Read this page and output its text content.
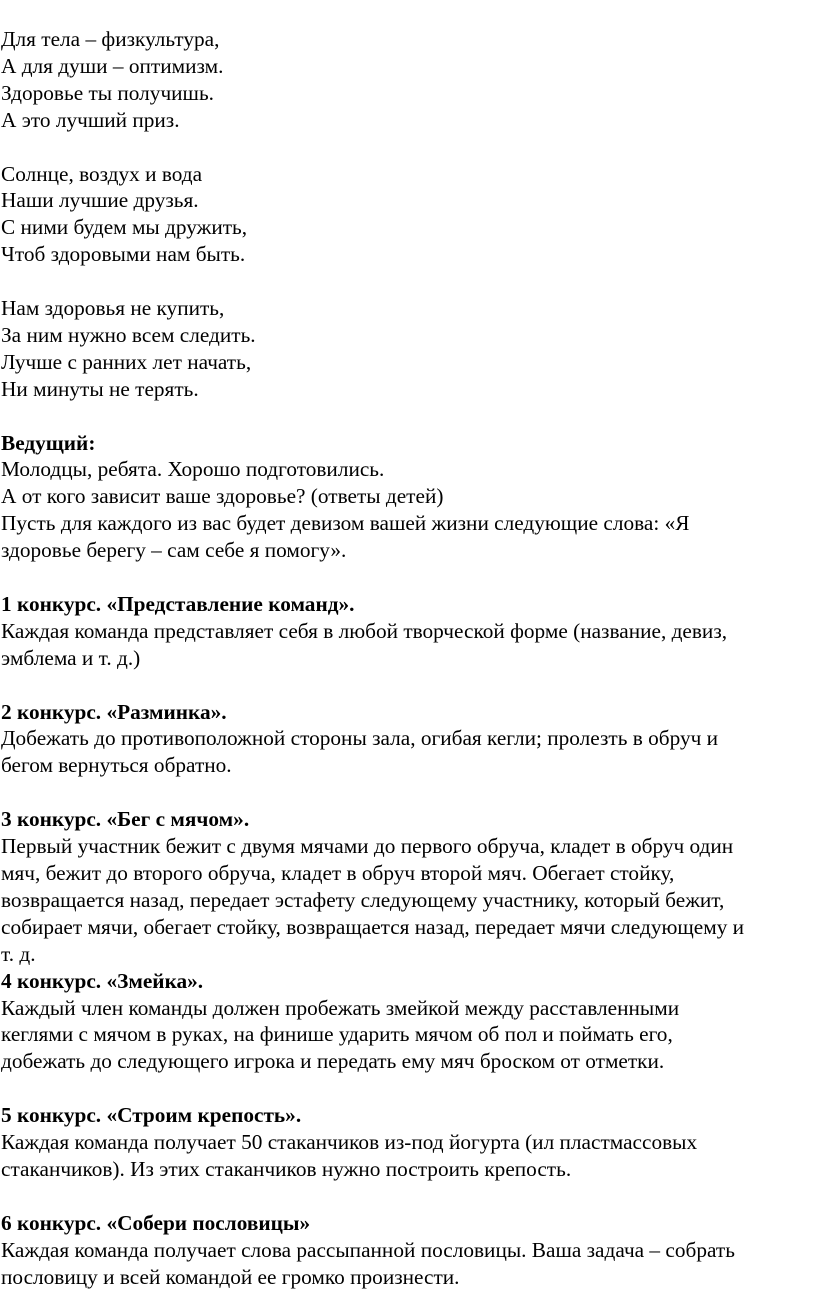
Для тела – физкультура,
А для души – оптимизм.
Здоровье ты получишь.
А это лучший приз.
Солнце, воздух и вода
Наши лучшие друзья.
С ними будем мы дружить,
Чтоб здоровыми нам быть.
Нам здоровья не купить,
За ним нужно всем следить.
Лучше с ранних лет начать,
Ни минуты не терять.
Ведущий:
Молодцы, ребята. Хорошо подготовились.
А от кого зависит ваше здоровье? (ответы детей)
Пусть для каждого из вас будет девизом вашей жизни следующие слова: «Я
здоровье берегу – сам себе я помогу».
1 конкурс. «Представление команд».
Каждая команда представляет себя в любой творческой форме (название, девиз,
эмблема и т. д.)
2 конкурс. «Разминка».
Добежать до противоположной стороны зала, огибая кегли; пролезть в обруч и
бегом вернуться обратно.
3 конкурс. «Бег с мячом».
Первый участник бежит с двумя мячами до первого обруча, кладет в обруч один
мяч, бежит до второго обруча, кладет в обруч второй мяч. Обегает стойку,
возвращается назад, передает эстафету следующему участнику, который бежит,
собирает мячи, обегает стойку, возвращается назад, передает мячи следующему и
т. д.
4 конкурс. «Змейка».
Каждый член команды должен пробежать змейкой между расставленными
кеглями с мячом в руках, на финише ударить мячом об пол и поймать его,
добежать до следующего игрока и передать ему мяч броском от отметки.
5 конкурс. «Строим крепость».
Каждая команда получает 50 стаканчиков из-под йогурта (ил пластмассовых
стаканчиков). Из этих стаканчиков нужно построить крепость.
6 конкурс. «Собери пословицы»
Каждая команда получает слова рассыпанной пословицы. Ваша задача – собрать
пословицу и всей командой ее громко произнести.
